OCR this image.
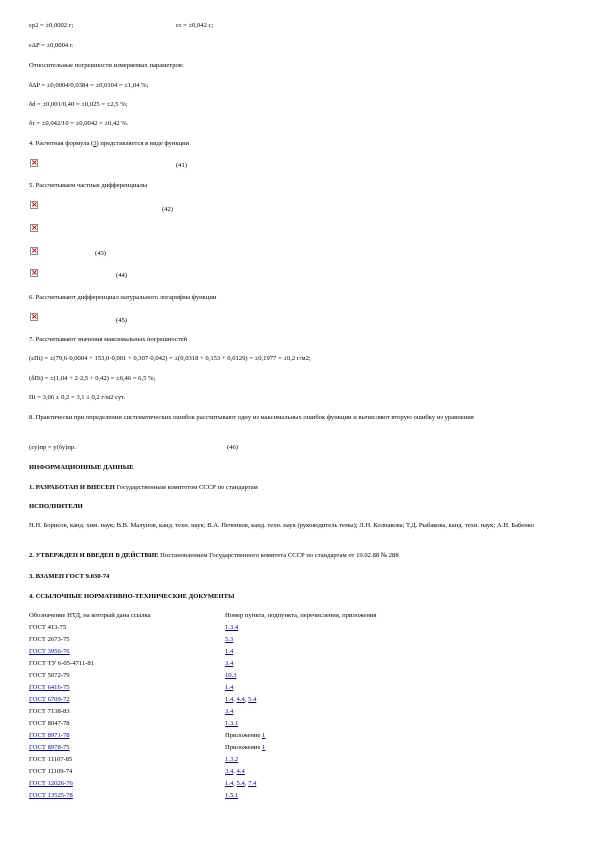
εp2 = ±0,0002 г;	ετ = ±0,042 с;
εΔP = ±0,0004 г.
Относительные погрешности измеряемых параметров:
δΔP = ±0,0004/0,0384 = ±0,0104 = ±1,04 %;
δd = ±0,001/0,40 = ±0,025 = ±2,5 %;
δτ = ±0,042/10 = ±0,0042 = ±0,42 %.
4. Расчетная формула (3) представляется в виде функции
×
(41)
5. Рассчитываем частные дифференциалы
×
(42)
×
×
(43)
×
(44)
6. Рассчитывают дифференциал натурального логарифма функции
×
(45)
7. Рассчитывают значения максимальных погрешностей
(εПt) = ±(79,6·0,0004 + 153,0·0,001 + 0,307·0,042) = ±(0,0318 + 0,153 + 0,0129) = ±0,1977 = ±0,2 г/м2;
(δПt) = ±(1,04 + 2·2,5 + 0,42) = ±6,46 = 6,5 %;
Пt = 3,06 ± 0,2 = 3,1 ± 0,2 г/м2 сут.
8. Практически при определении систематических ошибок рассчитывают одну из максимальных ошибок функции и вычисляют вторую ошибку из уравнения
(εy)пр = y(δy)пр.	(46)
ИНФОРМАЦИОННЫЕ ДАННЫЕ
1. РАЗРАБОТАН И ВНЕСЕН Государственным комитетом СССР по стандартам
ИСПОЛНИТЕЛИ
Н.Н. Борисов, канд. хим. наук; В.В. Малунов, канд. техн. наук; В.А. Печенков, канд. техн. наук (руководитель темы); Л.Н. Колпакова; Т.Д. Рыбакова, канд. техн. наук; А.Н. Бабенко
2. УТВЕРЖДЕН И ВВЕДЕН В ДЕЙСТВИЕ Постановлением Государственного комитета СССР по стандартам от 19.02.88 № 288
3. ВЗАМЕН ГОСТ 9.030-74
4. ССЫЛОЧНЫЕ НОРМАТИВНО-ТЕХНИЧЕСКИЕ ДОКУМЕНТЫ
Обозначение НТД, на который дана ссылка	Номер пункта, подпункта, перечисления, приложения
ГОСТ 413-75	1.3.4
ГОСТ 2673-75	5.3
ГОСТ 3956-76	1.4
ГОСТ ТУ 6-05-4711-81	3.4
ГОСТ 5072-79	10.3
ГОСТ 6416-75	1.4
ГОСТ 6709-72	1.4, 4.4, 5.4
ГОСТ 7138-83	3.4
ГОСТ 8047-78	1.3.1
ГОСТ 8971-78	Приложение 1
ГОСТ 8978-75	Приложение 1
ГОСТ 11107-85	1.3.2
ГОСТ 11109-74	3.4, 4.4
ГОСТ 12026-76	1.4, 5.4, 7.4
ГОСТ 13525-78	1.5.1
